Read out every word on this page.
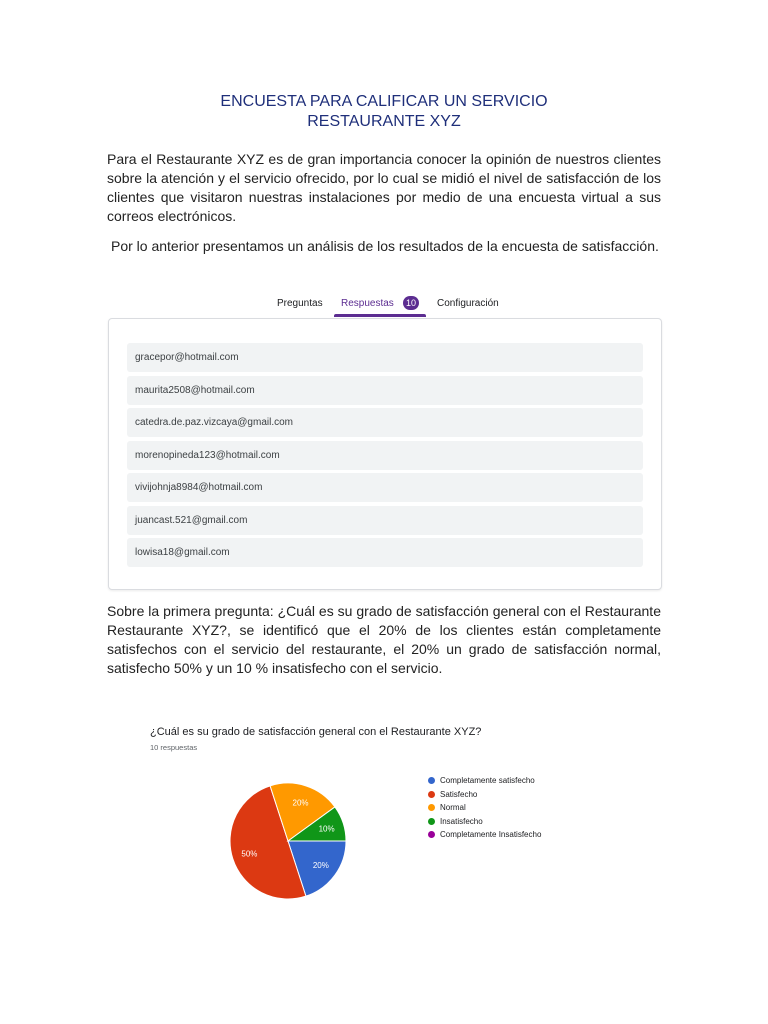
ENCUESTA PARA CALIFICAR UN SERVICIO
RESTAURANTE XYZ

Para el Restaurante XYZ es de gran importancia conocer la opinión de nuestros clientes sobre la atención y el servicio ofrecido, por lo cual se midió el nivel de satisfacción de los clientes que visitaron nuestras instalaciones por medio de una encuesta virtual a sus correos electrónicos.

Por lo anterior presentamos un análisis de los resultados de la encuesta de satisfacción.

Preguntas Respuestas	10	Configuración
gracepor@hotmail.com
maurita2508@hotmail.com
catedra.de.paz.vizcaya@gmail.com
morenopineda123@hotmail.com
vivijohnja8984@hotmail.com
juancast.521@gmail.com
lowisa18@gmail.com

Sobre la primera pregunta: ¿Cuál es su grado de satisfacción general con el Restaurante Restaurante XYZ?, se identificó que el 20% de los clientes están completamente satisfechos con el servicio del restaurante, el 20% un grado de satisfacción normal, satisfecho 50% y un 10 % insatisfecho con el servicio.

20%
50%
20%
10%
¿Cuál es su grado de satisfacción general con el Restaurante XYZ?
10 respuestas
Completamente satisfecho
Satisfecho
Normal
Insatisfecho
Completamente Insatisfecho
